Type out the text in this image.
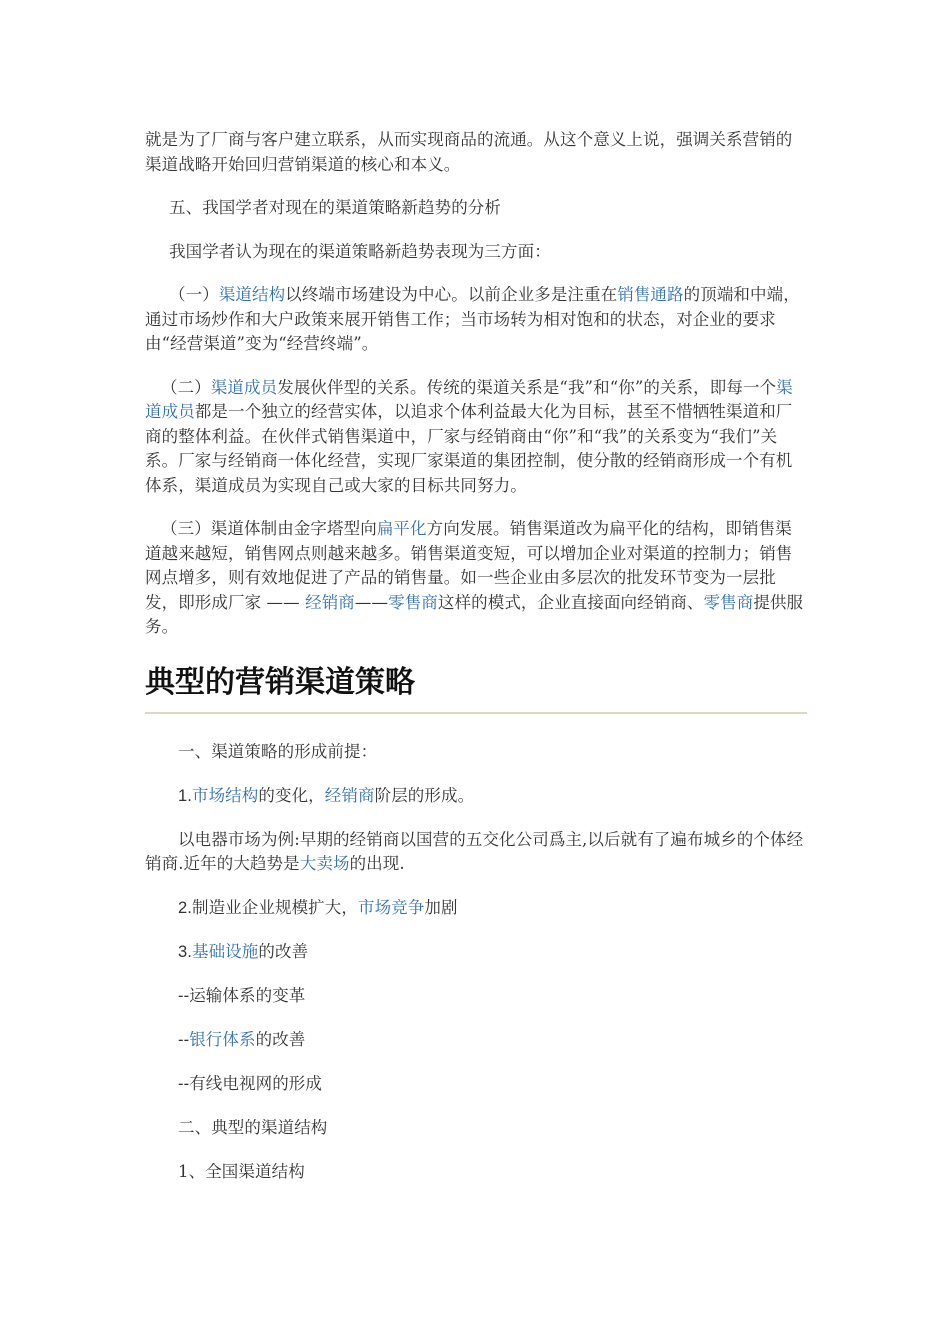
就是为了厂商与客户建立联系，从而实现商品的流通。从这个意义上说，强调关系营销的渠道战略开始回归营销渠道的核心和本义。

五、我国学者对现在的渠道策略新趋势的分析

我国学者认为现在的渠道策略新趋势表现为三方面：

（一）渠道结构以终端市场建设为中心。以前企业多是注重在销售通路的顶端和中端，通过市场炒作和大户政策来展开销售工作；当市场转为相对饱和的状态，对企业的要求由“经营渠道”变为“经营终端”。

（二）渠道成员发展伙伴型的关系。传统的渠道关系是“我”和“你”的关系，即每一个渠道成员都是一个独立的经营实体，以追求个体利益最大化为目标，甚至不惜牺牲渠道和厂商的整体利益。在伙伴式销售渠道中，厂家与经销商由“你”和“我”的关系变为“我们”关系。厂家与经销商一体化经营，实现厂家渠道的集团控制，使分散的经销商形成一个有机体系，渠道成员为实现自己或大家的目标共同努力。

（三）渠道体制由金字塔型向扁平化方向发展。销售渠道改为扁平化的结构，即销售渠道越来越短，销售网点则越来越多。销售渠道变短，可以增加企业对渠道的控制力；销售网点增多，则有效地促进了产品的销售量。如一些企业由多层次的批发环节变为一层批发，即形成厂家 —— 经销商——零售商这样的模式，企业直接面向经销商、零售商提供服务。

典型的营销渠道策略

一、渠道策略的形成前提：

1.市场结构的变化，经销商阶层的形成。

以电器市场为例:早期的经销商以国营的五交化公司爲主,以后就有了遍布城乡的个体经销商.近年的大趋势是大卖场的出现.

2.制造业企业规模扩大，市场竞争加剧

3.基础设施的改善

--运输体系的变革

--银行体系的改善

--有线电视网的形成

二、典型的渠道结构

1、全国渠道结构
